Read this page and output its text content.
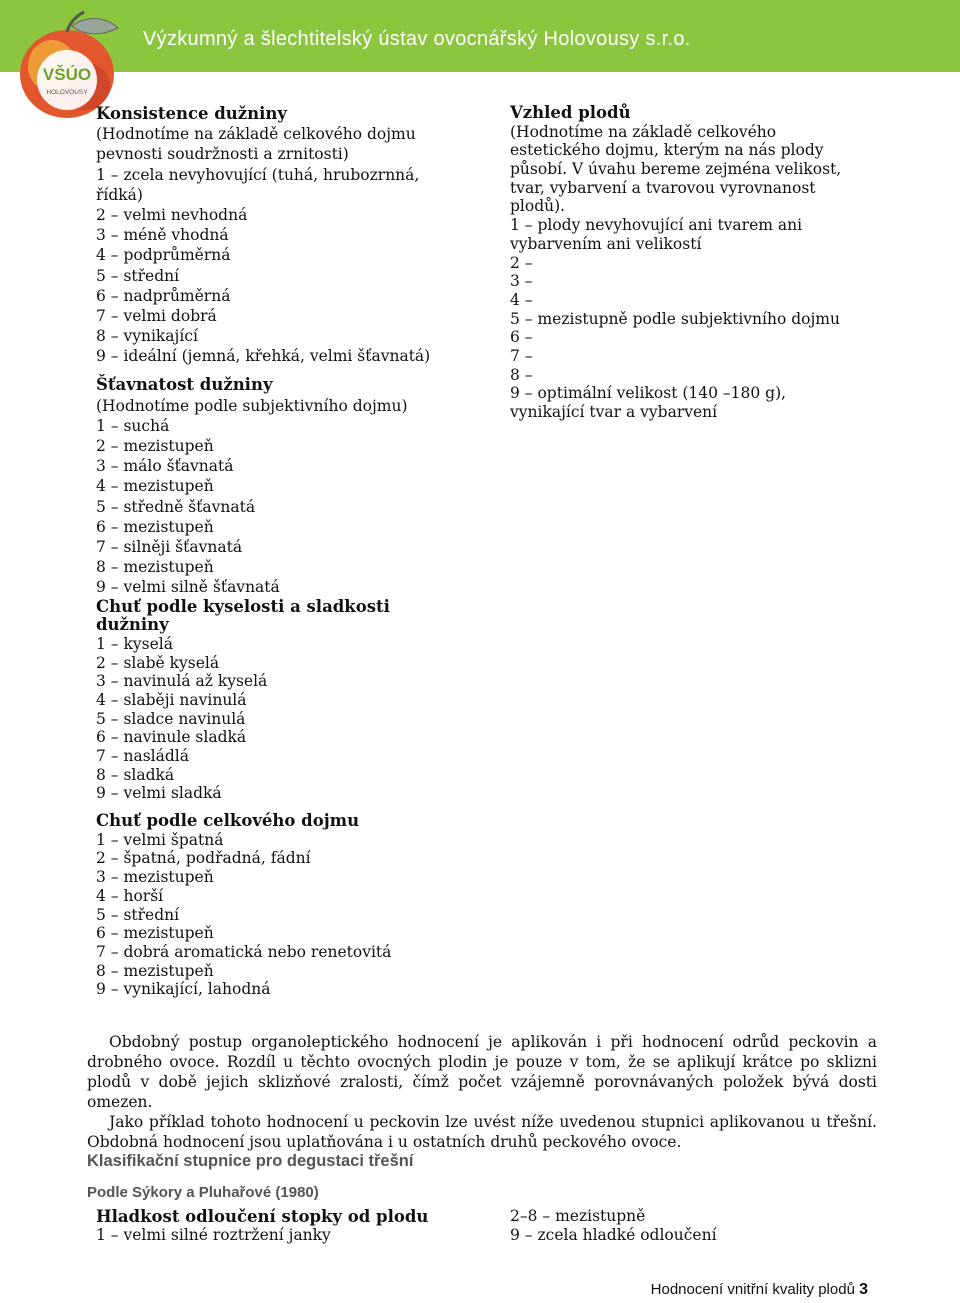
Výzkumný a šlechtitelský ústav ovocnářský Holovousy s.r.o.
VŠÚO
HOLOVOUSY
Konsistence dužniny
(Hodnotíme na základě celkového dojmu
pevnosti soudržnosti a zrnitosti)
1 – zcela nevyhovující (tuhá, hrubozrnná,
řídká)
2 – velmi nevhodná
3 – méně vhodná
4 – podprůměrná
5 – střední
6 – nadprůměrná
7 – velmi dobrá
8 – vynikající
9 – ideální (jemná, křehká, velmi šťavnatá)
Šťavnatost dužniny
(Hodnotíme podle subjektivního dojmu)
1 – suchá
2 – mezistupeň
3 – málo šťavnatá
4 – mezistupeň
5 – středně šťavnatá
6 – mezistupeň
7 – silněji šťavnatá
8 – mezistupeň
9 – velmi silně šťavnatá
Chuť podle kyselosti a sladkosti
dužniny
1 – kyselá
2 – slabě kyselá
3 – navinulá až kyselá
4 – slaběji navinulá
5 – sladce navinulá
6 – navinule sladká
7 – nasládlá
8 – sladká
9 – velmi sladká
Chuť podle celkového dojmu
1 – velmi špatná
2 – špatná, podřadná, fádní
3 – mezistupeň
4 – horší
5 – střední
6 – mezistupeň
7 – dobrá aromatická nebo renetovitá
8 – mezistupeň
9 – vynikající, lahodná
Vzhled plodů
(Hodnotíme na základě celkového
estetického dojmu, kterým na nás plody
působí. V úvahu bereme zejména velikost,
tvar, vybarvení a tvarovou vyrovnanost
plodů).
1 – plody nevyhovující ani tvarem ani
vybarvením ani velikostí
2 –
3 –
4 –
5 – mezistupně podle subjektivního dojmu
6 –
7 –
8 –
9 – optimální velikost (140 –180 g),
vynikající tvar a vybarvení

Obdobný postup organoleptického hodnocení je aplikován i při hodnocení odrůd peckovin a drobného ovoce. Rozdíl u těchto ovocných plodin je pouze v tom, že se aplikují krátce po sklizni plodů v době jejich sklizňové zralosti, čímž počet vzájemně porovnávaných položek bývá dosti omezen.

Jako příklad tohoto hodnocení u peckovin lze uvést níže uvedenou stupnici aplikovanou u třešní. Obdobná hodnocení jsou uplatňována i u ostatních druhů peckového ovoce.

Klasifikační stupnice pro degustaci třešní
Podle Sýkory a Pluhařové (1980)
Hladkost odloučení stopky od plodu
1 – velmi silné roztržení janky
2–8 – mezistupně
9 – zcela hladké odloučení
Hodnocení vnitřní kvality plodů 3
